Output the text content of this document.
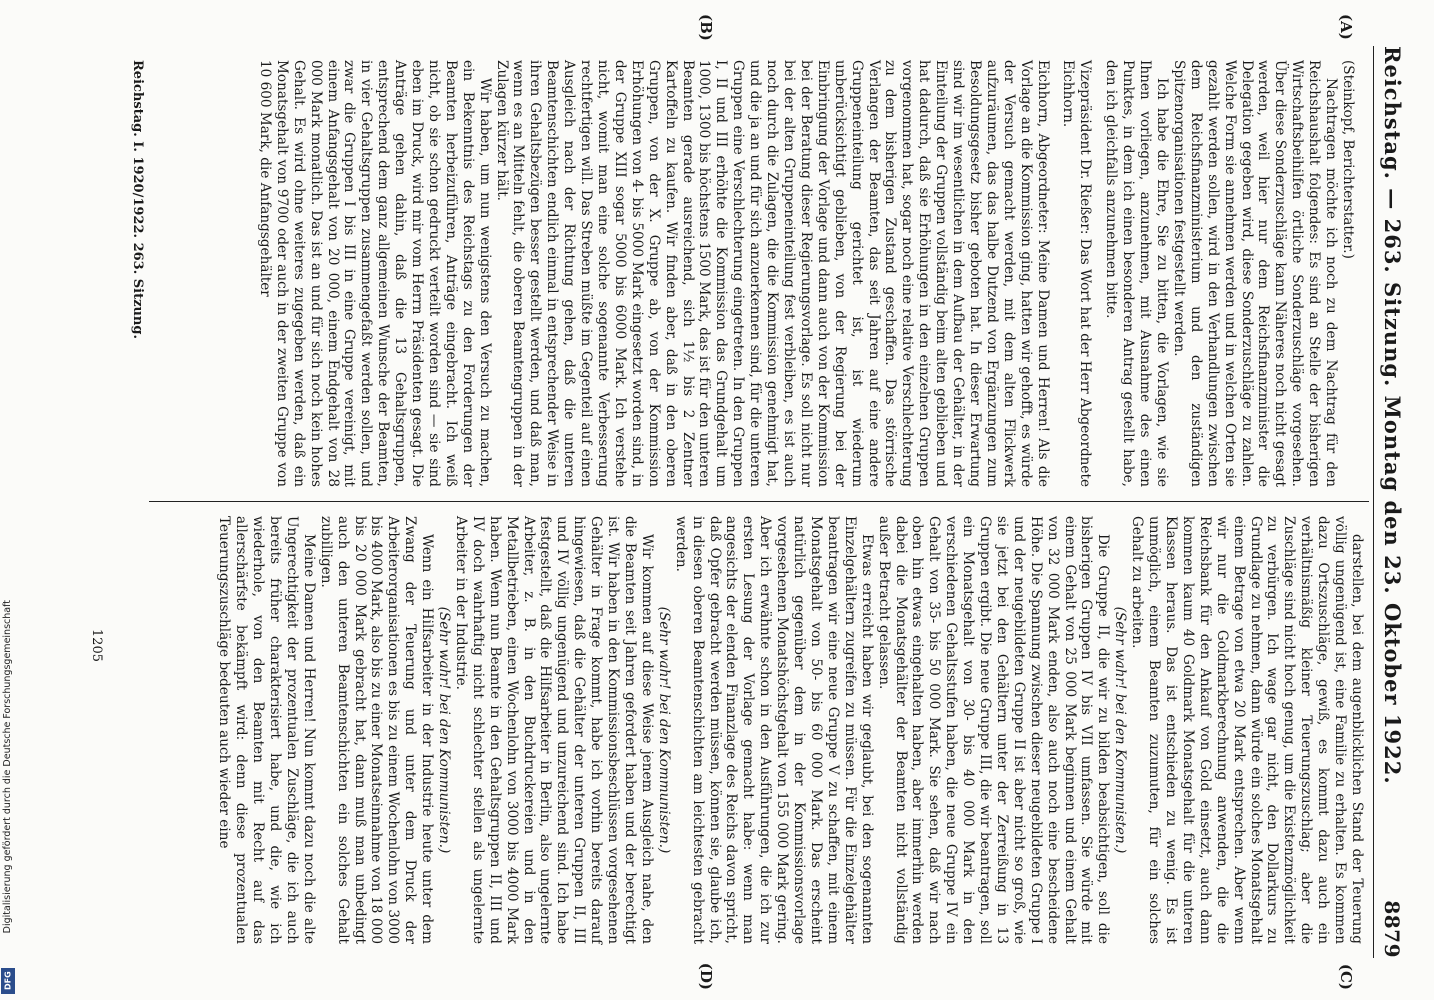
Reichstag. — 263. Sitzung. Montag den 23. Oktober 1922.
8879
(A)
(B)
(C)
(D)

(Steinkopf, Berichterstatter.)

Nachtragen möchte ich noch zu dem Nachtrag für den Reichshaushalt folgendes: Es sind an Stelle der bisherigen Wirtschaftsbeihilfen örtliche Sonderzuschläge vorgesehen. Über diese Sonderzuschläge kann Näheres noch nicht gesagt werden, weil hier nur dem Reichsfinanzminister die Delegation gegeben wird, diese Sonderzuschläge zu zahlen. Welche Form sie annehmen werden und in welchen Orten sie gezahlt werden sollen, wird in den Verhandlungen zwischen dem Reichsfinanzministerium und den zuständigen Spitzenorganisationen festgestellt werden.

Ich habe die Ehre, Sie zu bitten, die Vorlagen, wie sie Ihnen vorliegen, anzunehmen, mit Ausnahme des einen Punktes, in dem ich einen besonderen Antrag gestellt habe, den ich gleichfalls anzunehmen bitte.

Vizepräsident Dr. Rießer: Das Wort hat der Herr Abgeordnete Eichhorn.

Eichhorn, Abgeordneter: Meine Damen und Herren! Als die Vorlage an die Kommission ging, hatten wir gehofft, es würde der Versuch gemacht werden, mit dem alten Flickwerk aufzuräumen, das das halbe Dutzend von Ergänzungen zum Besoldungsgesetz bisher geboten hat. In dieser Erwartung sind wir im wesentlichen in dem Aufbau der Gehälter, in der Einteilung der Gruppen vollständig beim alten geblieben und hat dadurch, daß sie Erhöhungen in den einzelnen Gruppen vorgenommen hat, sogar noch eine relative Verschlechterung zu dem bisherigen Zustand geschaffen. Das störrische Verlangen der Beamten, das seit Jahren auf eine andere Gruppeneinteilung gerichtet ist, ist wiederum unberücksichtigt geblieben, von der Regierung bei der Einbringung der Vorlage und dann auch von der Kommission bei der Beratung dieser Regierungsvorlage. Es soll nicht nur bei der alten Gruppeneinteilung fest verbleiben, es ist auch noch durch die Zulagen, die die Kommission genehmigt hat, und die ja an und für sich anzuerkennen sind, für die unteren Gruppen eine Verschlechterung eingetreten. In den Gruppen I, II und III erhöhte die Kommission das Grundgehalt um 1000, 1300 bis höchstens 1500 Mark, das ist für den unteren Beamten gerade ausreichend, sich 1½ bis 2 Zentner Kartoffeln zu kaufen. Wir finden aber, daß in den oberen Gruppen, von der X. Gruppe ab, von der Kommission Erhöhungen von 4- bis 5000 Mark eingesetzt worden sind, in der Gruppe XIII sogar 5000 bis 6000 Mark. Ich verstehe nicht, womit man eine solche sogenannte Verbesserung rechtfertigen will. Das Streben müßte im Gegenteil auf einen Ausgleich nach der Richtung gehen, daß die unteren Beamtenschichten endlich einmal in entsprechender Weise in ihren Gehaltsbezügen besser gestellt werden, und daß man, wenn es an Mitteln fehlt, die oberen Beamtengruppen in der Zulagen kürzer hält.

Wir haben, um nun wenigstens den Versuch zu machen, ein Bekenntnis des Reichstags zu den Forderungen der Beamten herbeizuführen, Anträge eingebracht. Ich weiß nicht, ob sie schon gedruckt verteilt worden sind — sie sind eben im Druck, wird mir vom Herrn Präsidenten gesagt. Die Anträge gehen dahin, daß die 13 Gehaltsgruppen, entsprechend dem ganz allgemeinen Wunsche der Beamten, in vier Gehaltsgruppen zusammengefaßt werden sollen, und zwar die Gruppen I bis III in eine Gruppe vereinigt, mit einem Anfangsgehalt von 20 000, einem Endgehalt von 28 000 Mark monatlich. Das ist an und für sich noch kein hohes Gehalt. Es wird ohne weiteres zugegeben werden, daß ein Monatsgehalt von 9700 oder auch in der zweiten Gruppe von 10 600 Mark, die Anfangsgehälter

darstellen, bei dem augenblicklichen Stand der Teuerung völlig ungenügend ist, eine Familie zu erhalten. Es kommen dazu Ortszuschläge, gewiß, es kommt dazu auch ein verhältnismäßig kleiner Teuerungszuschlag; aber die Zuschläge sind nicht hoch genug, um die Existenzmöglichkeit zu verbürgen. Ich wage gar nicht, den Dollarkurs zu Grundlage zu nehmen, dann würde ein solches Monatsgehalt einem Betrage von etwa 20 Mark entsprechen. Aber wenn wir nur die Goldmarkberechnung anwenden, die die Reichsbank für den Ankauf von Gold einsetzt, auch dann kommen kaum 40 Goldmark Monatsgehalt für die unteren Klassen heraus. Das ist entschieden zu wenig. Es ist unmöglich, einem Beamten zuzumuten, für ein solches Gehalt zu arbeiten.

(Sehr wahr! bei den Kommunisten.)

Die Gruppe II, die wir zu bilden beabsichtigen, soll die bisherigen Gruppen IV bis VII umfassen. Sie würde mit einem Gehalt von 25 000 Mark beginnen und einem Gehalt von 32 000 Mark enden, also auch noch eine bescheidene Höhe. Die Spannung zwischen dieser neugebildeten Gruppe I und der neugebildeten Gruppe II ist aber nicht so groß, wie sie jetzt bei den Gehältern unter der Zerreißung in 13 Gruppen ergibt. Die neue Gruppe III, die wir beantragen, soll ein Monatsgehalt von 30- bis 40 000 Mark in den verschiedenen Gehaltsstufen haben, die neue Gruppe IV ein Gehalt von 35- bis 50 000 Mark. Sie sehen, daß wir nach oben hin etwas eingehalten haben, aber immerhin werden dabei die Monatsgehälter der Beamten nicht vollständig außer Betracht gelassen.

Etwas erreicht haben wir geglaubt, bei den sogenannten Einzelgehältern zugreifen zu müssen. Für die Einzelgehälter beantragen wir eine neue Gruppe V zu schaffen, mit einem Monatsgehalt von 50- bis 60 000 Mark. Das erscheint natürlich gegenüber dem in der Kommissionsvorlage vorgesehenen Monatshöchstgehalt von 155 000 Mark gering. Aber ich erwähnte schon in den Ausführungen, die ich zur ersten Lesung der Vorlage gemacht habe: wenn man angesichts der elenden Finanzlage des Reichs davon spricht, daß Opfer gebracht werden müssen, können sie, glaube ich, in diesen oberen Beamtenschichten am leichtesten gebracht werden.

(Sehr wahr! bei den Kommunisten.)

Wir kommen auf diese Weise jenem Ausgleich nahe, den die Beamten seit Jahren gefordert haben und der berechtigt ist. Wir haben in den Kommissionsbeschlüssen vorgesehenen Gehälter in Frage kommt, habe ich vorhin bereits darauf hingewiesen, daß die Gehälter der unteren Gruppen II, III und IV völlig ungenügend und unzureichend sind. Ich habe festgestellt, daß die Hilfsarbeiter in Berlin, also ungelernte Arbeiter, z. B. in den Buchdruckereien und in den Metallbetrieben, einen Wochenlohn von 3000 bis 4000 Mark haben. Wenn nun Beamte in den Gehaltsgruppen II, III und IV doch wahrhaftig nicht schlechter stellen als ungelernte Arbeiter in der Industrie.

(Sehr wahr! bei den Kommunisten.)

Wenn ein Hilfsarbeiter in der Industrie heute unter dem Zwang der Teuerung und unter dem Druck der Arbeiterorganisationen es bis zu einem Wochenlohn von 3000 bis 4000 Mark, also bis zu einer Monatseinnahme von 18 000 bis 20 000 Mark gebracht hat, dann muß man unbedingt auch den unteren Beamtenschichten ein solches Gehalt zubilligen.

Meine Damen und Herren! Nun kommt dazu noch die alte Ungerechtigkeit der prozentualen Zuschläge, die ich auch bereits früher charakterisiert habe, und die, wie ich wiederhole, von den Beamten mit Recht auf das allerschärfste bekämpft wird: denn diese prozentualen Teuerungszuschläge bedeuten auch wieder eine

Reichstag. I. 1920/1922. 263. Sitzung.
1205
Digitalisierung gefördert durch die Deutsche Forschungsgemeinschaft
DFG
